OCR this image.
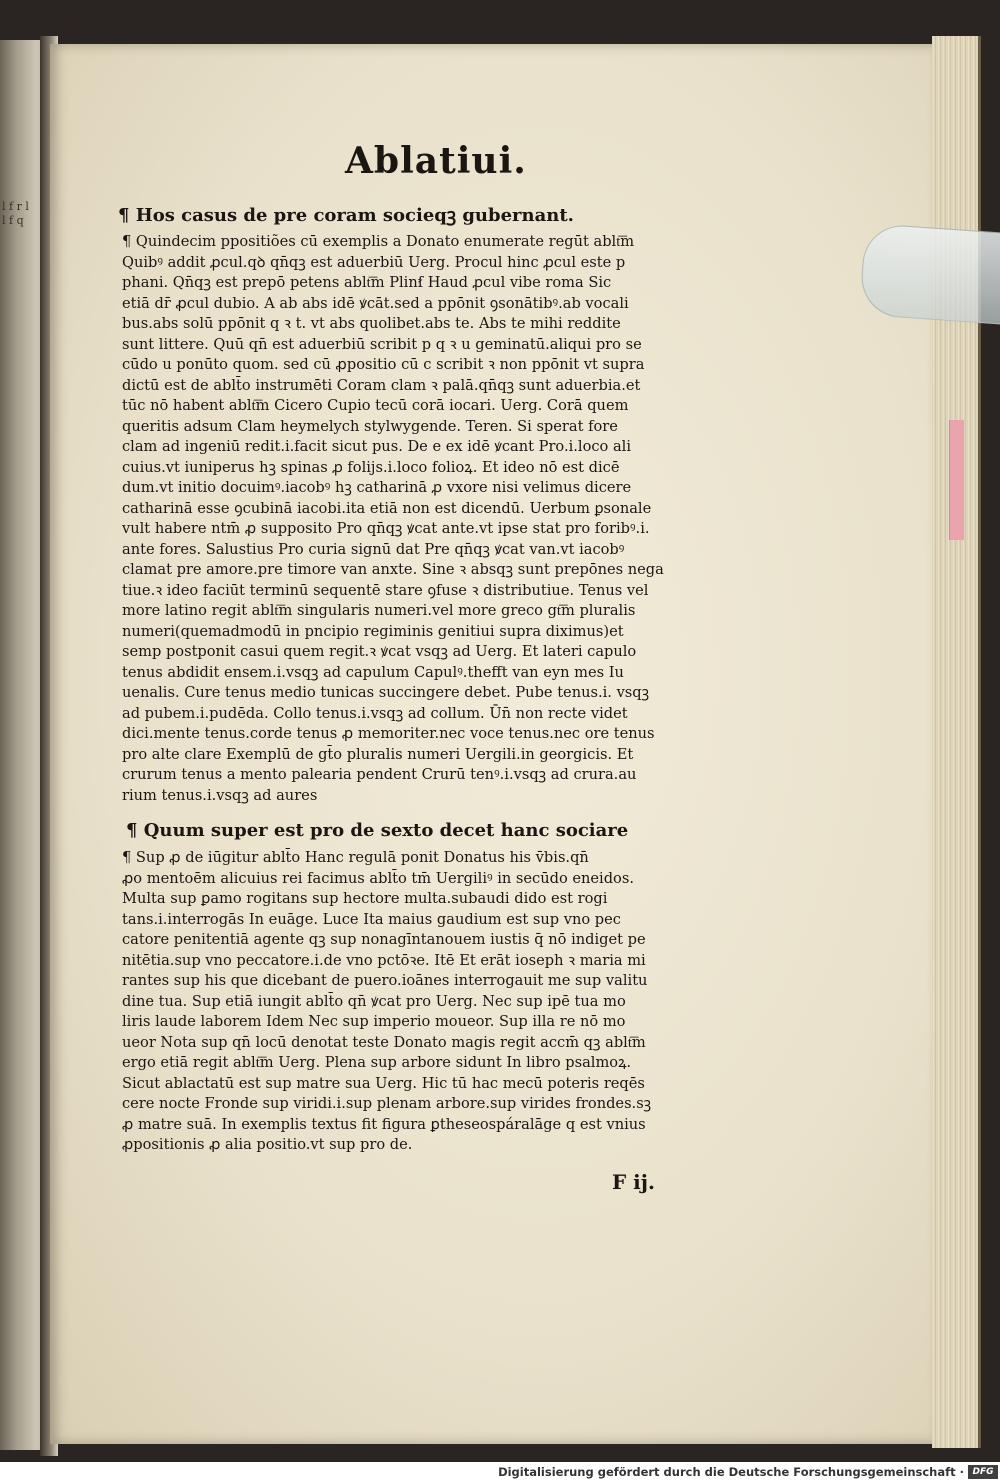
l f r l l f q
Ablatiui.
¶ Hos casus de pre coram socieqꝫ gubernant.
¶ Quindecim ppositiões cū exemplis a Donato enumerate regūt ablt͞m
Quibꝰ addit ꝓcul.qꝺ qn̄qꝫ est aduerbiū Uerg. Procul hinc ꝓcul este p
phani. Qn̄qꝫ est prepō petens ablt͞m Plinẜ Haud ꝓcul vibe roma Sic
etiā dr̄ ꝓcul dubio. A ab abs idē ꝟcāt.sed a ppōnit ꝯsonātibꝰ.ab vocali
bus.abs solū ppōnit q ꝛ t. vt abs quolibet.abs te. Abs te mihi reddite
sunt littere. Quū qn̄ est aduerbiū scribit p q ꝛ u geminatū.aliqui pro se
cūdo u ponūto quom. sed cū ꝓpositio cū c scribit ꝛ non ppōnit vt supra
dictū est de ablt̄o instrumēti Coram clam ꝛ palā.qn̄qꝫ sunt aduerbia.et
tūc nō habent ablt͞m Cicero Cupio tecū corā iocari. Uerg. Corā quem
queritis adsum Clam heymelych stylwygende. Teren. Si sperat fore
clam ad ingeniū redit.i.facit sicut pus. De e ex idē ꝟcant Pro.i.loco ali
cuius.vt iuniperus hꝫ spinas ꝓ folijs.i.loco folioꝝ. Et ideo nō est dicē
dum.vt initio docuimꝰ.iacobꝰ hꝫ catharinā ꝓ vxore nisi velimus dicere
catharinā esse ꝯcubinā iacobi.ita etiā non est dicendū. Uerbum ꝑsonale
vult habere ntm̄ ꝓ supposito Pro qn̄qꝫ ꝟcat ante.vt ipse stat pro foribꝰ.i.
ante fores. Salustius Pro curia signū dat Pre qn̄qꝫ ꝟcat van.vt iacobꝰ
clamat pre amore.pre timore van anxte. Sine ꝛ absqꝫ sunt prepōnes nega
tiue.ꝛ ideo faciūt terminū sequentē stare ꝯfuse ꝛ distributiue. Tenus vel
more latino regit ablt͞m singularis numeri.vel more greco gt͞m pluralis
numeri(quemadmodū in pncipio regiminis genitiui supra diximus)et
semp postponit casui quem regit.ꝛ ꝟcat vsqꝫ ad Uerg. Et lateri capulo
tenus abdidit ensem.i.vsqꝫ ad capulum Capulꝰ.thefft van eyn mes Iu
uenalis. Cure tenus medio tunicas succingere debet. Pube tenus.i. vsqꝫ
ad pubem.i.pudēda. Collo tenus.i.vsqꝫ ad collum. Ūn̄ non recte videt
dici.mente tenus.corde tenus ꝓ memoriter.nec voce tenus.nec ore tenus
pro alte clare Exemplū de gt̄o pluralis numeri Uergili.in georgicis. Et
crurum tenus a mento palearia pendent Crurū tenꝰ.i.vsqꝫ ad crura.au
rium tenus.i.vsqꝫ ad aures
¶ Quum super est pro de sexto decet hanc sociare
¶ Sup ꝓ de iūgitur ablt̄o Hanc regulā ponit Donatus his v̄bis.qn̄
ꝓo mentoēm alicuius rei facimus ablt̄o tm̄ Uergiliꝰ in secūdo eneidos.
Multa sup ꝑamo rogitans sup hectore multa.subaudi dido est rogi
tans.i.interrogās In euāge. Luce Ita maius gaudium est sup vno pec
catore penitentiā agente qꝫ sup nonagīntanouem iustis q̄ nō indiget pe
nitētia.sup vno peccatore.i.de vno pctōꝛe. Itē Et erāt ioseph ꝛ maria mi
rantes sup his que dicebant de puero.ioānes interrogauit me sup valitu
dine tua. Sup etiā iungit ablt̄o qn̄ ꝟcat pro Uerg. Nec sup ipē tua mo
liris laude laborem Idem Nec sup imperio moueor. Sup illa re nō mo
ueor Nota sup qn̄ locū denotat teste Donato magis regit accm̄ qꝫ ablt͞m
ergo etiā regit ablt͞m Uerg. Plena sup arbore sidunt In libro psalmoꝝ.
Sicut ablactatū est sup matre sua Uerg. Hic tū hac mecū poteris reqēs
cere nocte Fronde sup viridi.i.sup plenam arbore.sup virides frondes.sꝫ
ꝓ matre suā. In exemplis textus fit figura ꝑtheseospáralāge q est vnius
ꝓpositionis ꝓ alia positio.vt sup pro de.
F ij.
Digitalisierung gefördert durch die Deutsche Forschungsgemeinschaft · DFG
